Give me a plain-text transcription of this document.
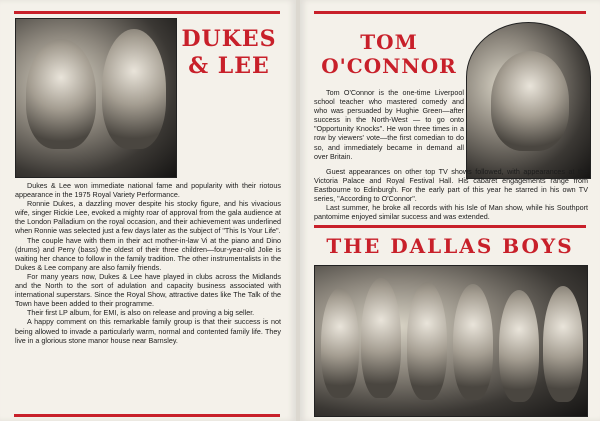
DUKES
& LEE

Dukes & Lee won immediate national fame and popularity with their riotous appearance in the 1975 Royal Variety Performance.

Ronnie Dukes, a dazzling mover despite his stocky figure, and his vivacious wife, singer Rickie Lee, evoked a mighty roar of approval from the gala audience at the London Palladium on the royal occasion, and their achievement was underlined when Ronnie was selected just a few days later as the subject of "This Is Your Life".

The couple have with them in their act mother-in-law Vi at the piano and Dino (drums) and Perry (bass) the oldest of their three children—four-year-old Jolie is waiting her chance to follow in the family tradition. The other instrumentalists in the Dukes & Lee company are also family friends.

For many years now, Dukes & Lee have played in clubs across the Midlands and the North to the sort of adulation and capacity business associated with international superstars. Since the Royal Show, attractive dates like The Talk of the Town have been added to their programme.

Their first LP album, for EMI, is also on release and proving a big seller.

A happy comment on this remarkable family group is that their success is not being allowed to invade a particularly warm, normal and contented family life. They live in a glorious stone manor house near Barnsley.

TOM
O'CONNOR

Tom O'Connor is the one-time Liverpool school teacher who mastered comedy and who was persuaded by Hughie Green—after success in the North-West — to go onto "Opportunity Knocks". He won three times in a row by viewers' vote—the first comedian to do so, and immediately became in demand all over Britain.

Guest appearances on other top TV shows followed, with appearances at the Victoria Palace and Royal Festival Hall. His cabaret engagements range from Eastbourne to Edinburgh. For the early part of this year he starred in his own TV series, "According to O'Connor".

Last summer, he broke all records with his Isle of Man show, while his Southport pantomime enjoyed similar success and was extended.

THE DALLAS BOYS
